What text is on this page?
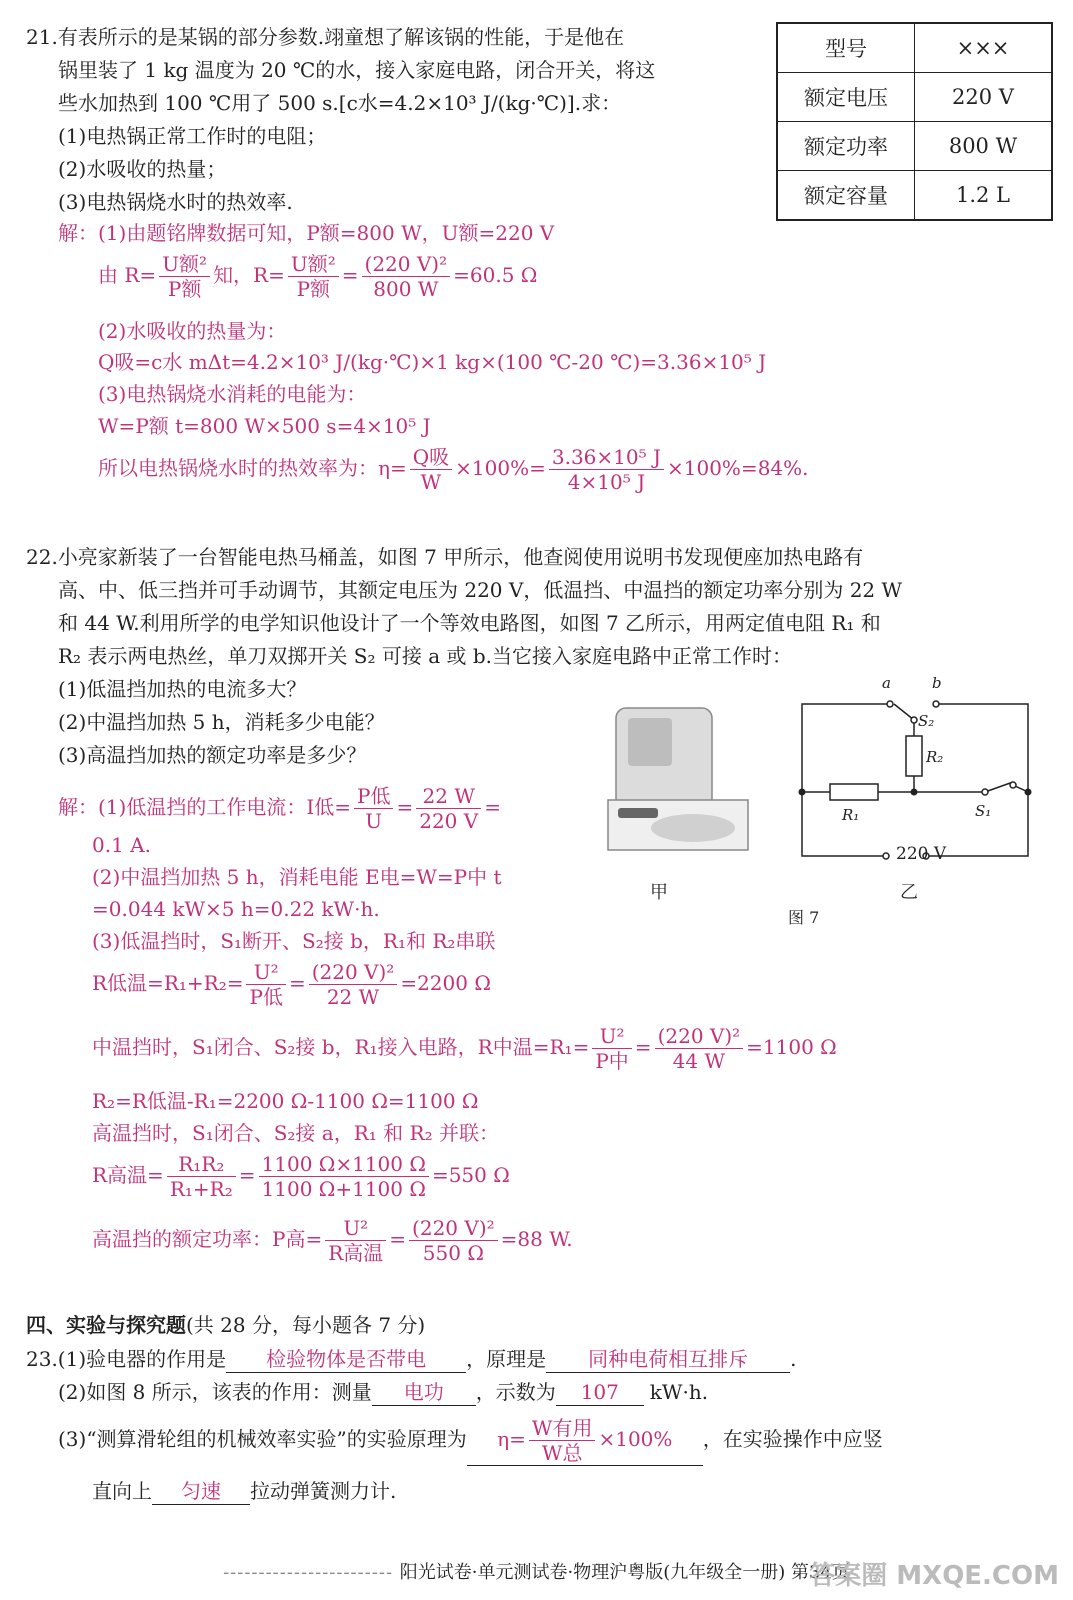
21.有表所示的是某锅的部分参数.翊童想了解该锅的性能，于是他在
锅里装了 1 kg 温度为 20 ℃的水，接入家庭电路，闭合开关，将这
些水加热到 100 ℃用了 500 s.[c水=4.2×10³ J/(kg·℃)].求：
(1)电热锅正常工作时的电阻；
(2)水吸收的热量；
(3)电热锅烧水时的热效率.
型号	×××
额定电压	220 V
额定功率	800 W
额定容量	1.2 L
解：(1)由题铭牌数据可知，P额=800 W，U额=220 V
由 $R= \frac{\text{U额²}}{\text{P额}}$ 知，$R= \frac{\text{U额²}}{\text{P额}} = \frac{\text{(220 V)²}}{800 W} =60.5$ Ω
(2)水吸收的热量为：
Q吸=c水 mΔt=4.2×10³ J/(kg·℃)×1 kg×(100 ℃-20 ℃)=3.36×10⁵ J
(3)电热锅烧水消耗的电能为：
W=P额 t=800 W×500 s=4×10⁵ J
所以电热锅烧水时的热效率为：$\eta= \frac{\text{Q吸}}{W} \times 100\%= \frac{\text{3.36×10⁵ J}}{\text{4×10⁵ J}} \times 100\%=84\%$.
22.小亮家新装了一台智能电热马桶盖，如图 7 甲所示，他查阅使用说明书发现便座加热电路有
高、中、低三挡并可手动调节，其额定电压为 220 V，低温挡、中温挡的额定功率分别为 22 W
和 44 W.利用所学的电学知识他设计了一个等效电路图，如图 7 乙所示，用两定值电阻 R₁ 和
R₂ 表示两电热丝，单刀双掷开关 S₂ 可接 a 或 b.当它接入家庭电路中正常工作时：
(1)低温挡加热的电流多大？
(2)中温挡加热 5 h，消耗多少电能？
(3)高温挡加热的额定功率是多少？
甲
a	b
S₂
R₂
R₁	S₁
220 V
乙
图 7
解：(1)低温挡的工作电流：I低= $\frac{\text{P低}}{U} = \frac{22 W}{220 V}$ =
0.1 A.
(2)中温挡加热 5 h，消耗电能 E电=W=P中 t
=0.044 kW×5 h=0.22 kW·h.
(3)低温挡时，S₁断开、S₂接 b，R₁和 R₂串联
R低温$=R_1+R_2= \frac{\text{U²}}{\text{P低}} = \frac{\text{(220 V)²}}{22 W} =2200$ Ω
中温挡时，S₁闭合、S₂接 b，R₁接入电路，R中温$=R_1= \frac{\text{U²}}{\text{P中}} = \frac{\text{(220 V)²}}{44 W} =1100$ Ω
R₂=R低温-R₁=2200 Ω-1100 Ω=1100 Ω
高温挡时，S₁闭合、S₂接 a，R₁ 和 R₂ 并联：
R高温= $\frac{\text{R₁R₂}}{\text{R₁+R₂}} = \frac{1100 \Omega\times 1100 \Omega}{1100 \Omega+1100 \Omega} =550$ Ω
高温挡的额定功率：P高= $\frac{\text{U²}}{\text{R高温}} = \frac{\text{(220 V)²}}{550 \Omega} =88$ W.
四、实验与探究题(共 28 分，每小题各 7 分)
23.(1)验电器的作用是 检验物体是否带电 ，原理是 同种电荷相互排斥 .
(2)如图 8 所示，该表的作用：测量 电功 ，示数为 107 kW·h.
(3)“测算滑轮组的机械效率实验”的实验原理为 $\eta= \frac{\text{W有用}}{\text{W总}} \times 100\%$ ，在实验操作中应竖
直向上 匀速 拉动弹簧测力计.
------------------------ 阳光试卷·单元测试卷·物理沪粤版(九年级全一册) 第34页
答案圈 MXQE.COM
